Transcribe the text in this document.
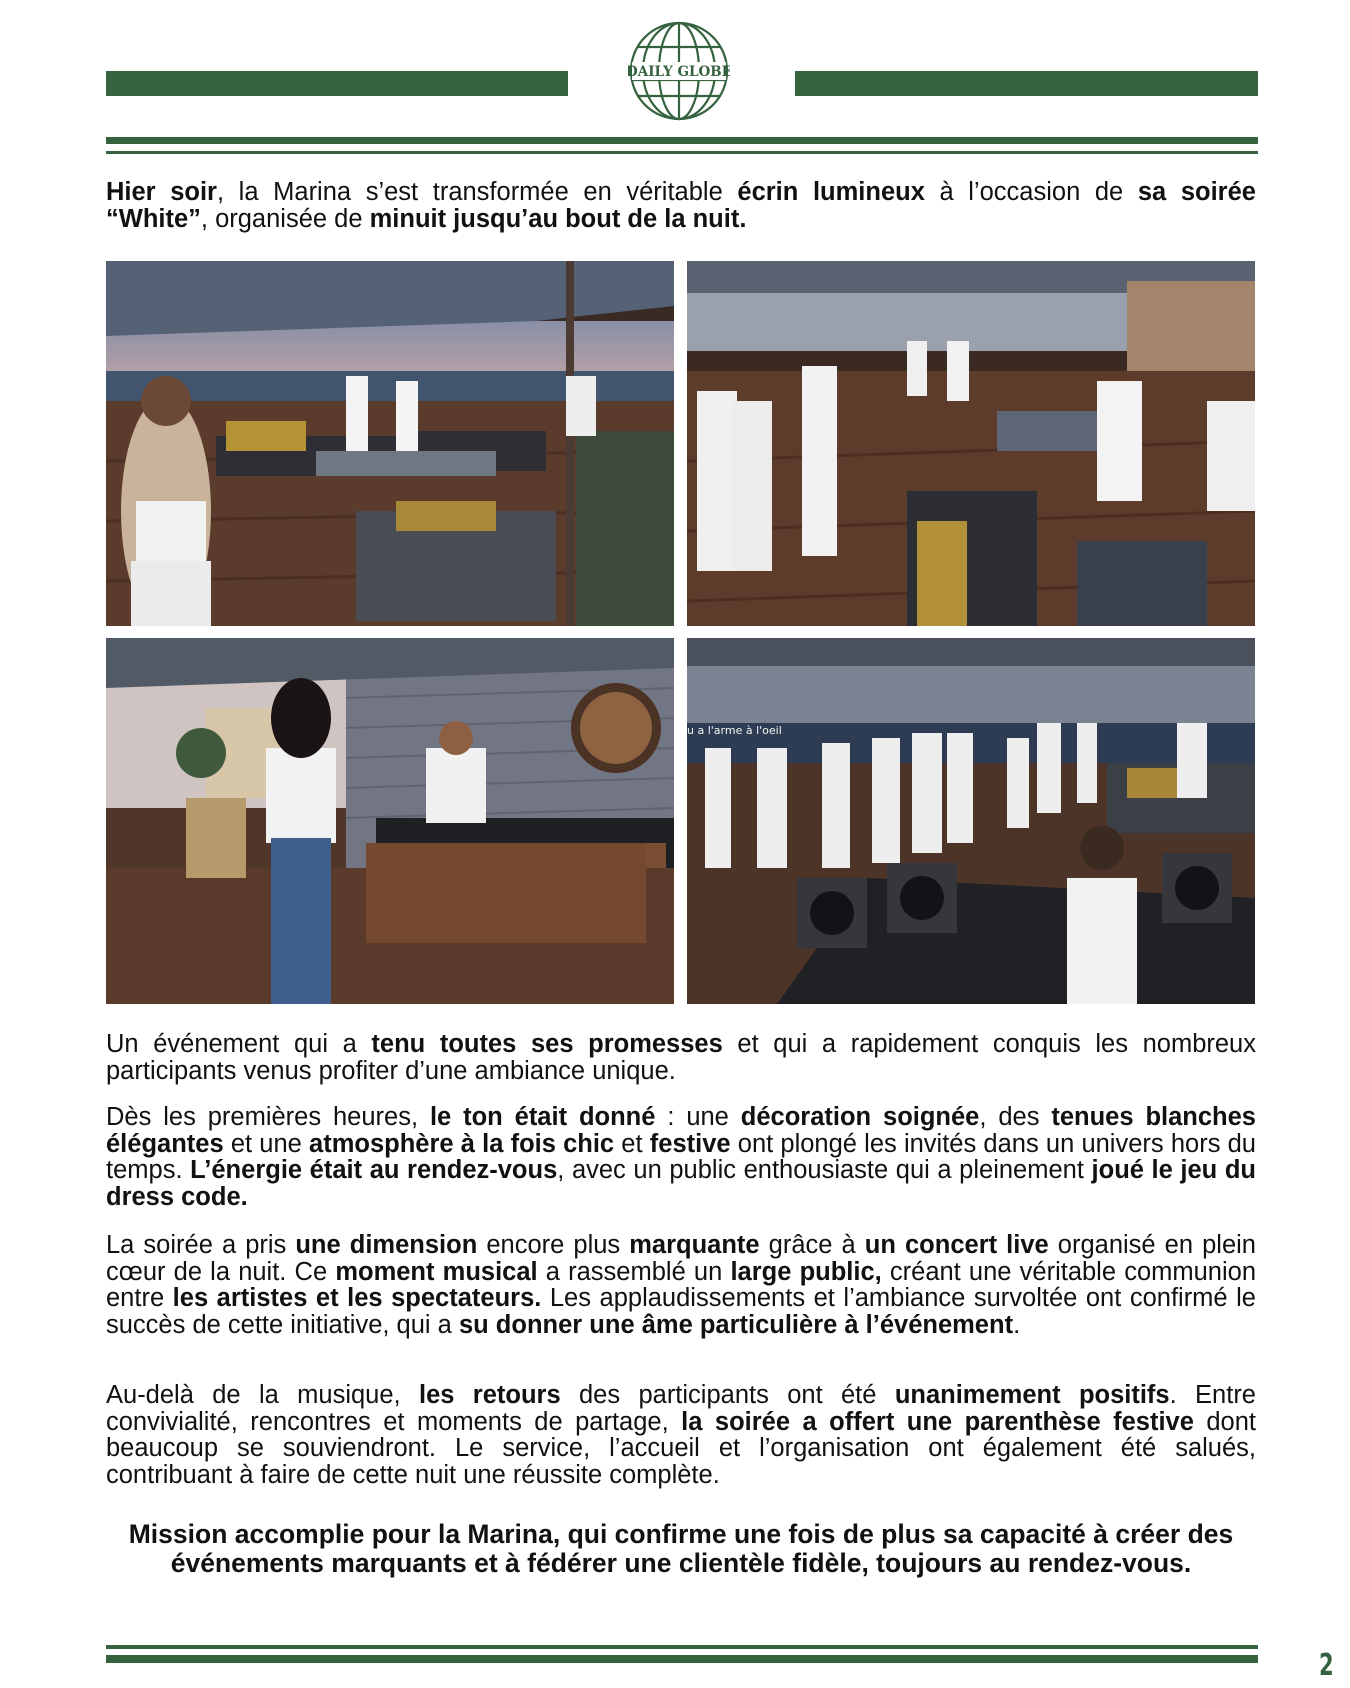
DAILY GLOBE
Hier soir, la Marina s’est transformée en véritable écrin lumineux à l’occasion de sa soirée “White”, organisée de minuit jusqu’au bout de la nuit.
u a l'arme à l'oeil
Un événement qui a tenu toutes ses promesses et qui a rapidement conquis les nombreux participants venus profiter d’une ambiance unique.
Dès les premières heures, le ton était donné : une décoration soignée, des tenues blanches élégantes et une atmosphère à la fois chic et festive ont plongé les invités dans un univers hors du temps. L’énergie était au rendez-vous, avec un public enthousiaste qui a pleinement joué le jeu du dress code.
La soirée a pris une dimension encore plus marquante grâce à un concert live organisé en plein cœur de la nuit. Ce moment musical a rassemblé un large public, créant une véritable communion entre les artistes et les spectateurs. Les applaudissements et l’ambiance survoltée ont confirmé le succès de cette initiative, qui a su donner une âme particulière à l’événement.
Au-delà de la musique, les retours des participants ont été unanimement positifs. Entre convivialité, rencontres et moments de partage, la soirée a offert une parenthèse festive dont beaucoup se souviendront. Le service, l’accueil et l’organisation ont également été salués, contribuant à faire de cette nuit une réussite complète.
Mission accomplie pour la Marina, qui confirme une fois de plus sa capacité à créer des événements marquants et à fédérer une clientèle fidèle, toujours au rendez-vous.
2
